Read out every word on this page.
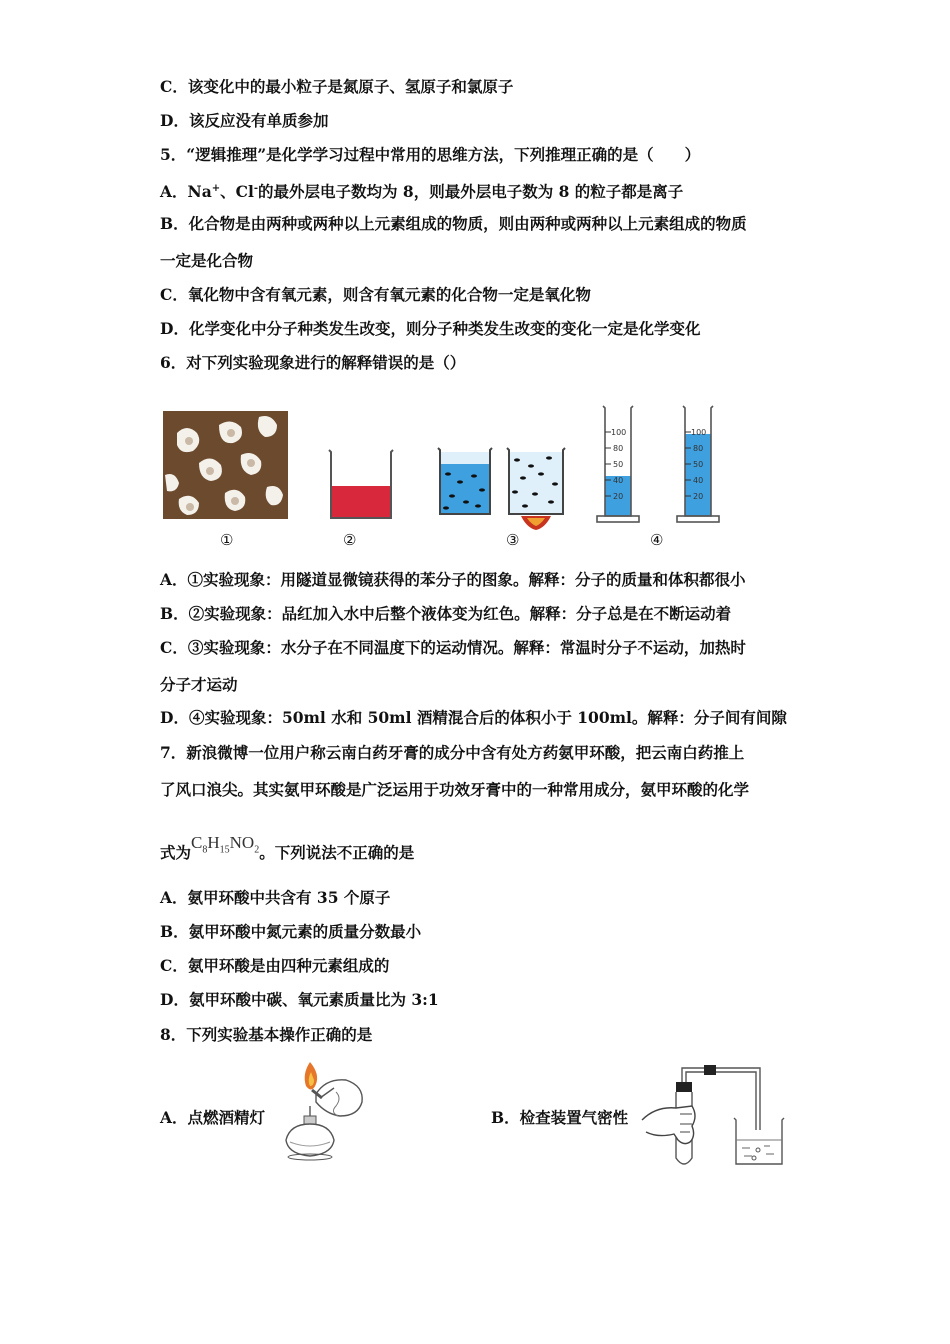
C．该变化中的最小粒子是氮原子、氢原子和氯原子
D．该反应没有单质参加
5．“逻辑推理”是化学学习过程中常用的思维方法，下列推理正确的是（　　）
A．Na+、Cl-的最外层电子数均为 8，则最外层电子数为 8 的粒子都是离子
B．化合物是由两种或两种以上元素组成的物质，则由两种或两种以上元素组成的物质
一定是化合物
C．氧化物中含有氧元素，则含有氧元素的化合物一定是氧化物
D．化学变化中分子种类发生改变，则分子种类发生改变的变化一定是化学变化
6．对下列实验现象进行的解释错误的是（）
100
80
50
40
20
100
80
50
40
20
①	②	③	④
A．①实验现象：用隧道显微镜获得的苯分子的图象。解释：分子的质量和体积都很小
B．②实验现象：品红加入水中后整个液体变为红色。解释：分子总是在不断运动着
C．③实验现象：水分子在不同温度下的运动情况。解释：常温时分子不运动，加热时
分子才运动
D．④实验现象：50ml 水和 50ml 酒精混合后的体积小于 100ml。解释：分子间有间隙
7．新浪微博一位用户称云南白药牙膏的成分中含有处方药氨甲环酸，把云南白药推上
了风口浪尖。其实氨甲环酸是广泛运用于功效牙膏中的一种常用成分，氨甲环酸的化学
式为$C_8H_{15}NO_2$。下列说法不正确的是
A．氨甲环酸中共含有 35 个原子
B．氨甲环酸中氮元素的质量分数最小
C．氨甲环酸是由四种元素组成的
D．氨甲环酸中碳、氧元素质量比为 3:1
8．下列实验基本操作正确的是
A．点燃酒精灯	B．检查装置气密性
